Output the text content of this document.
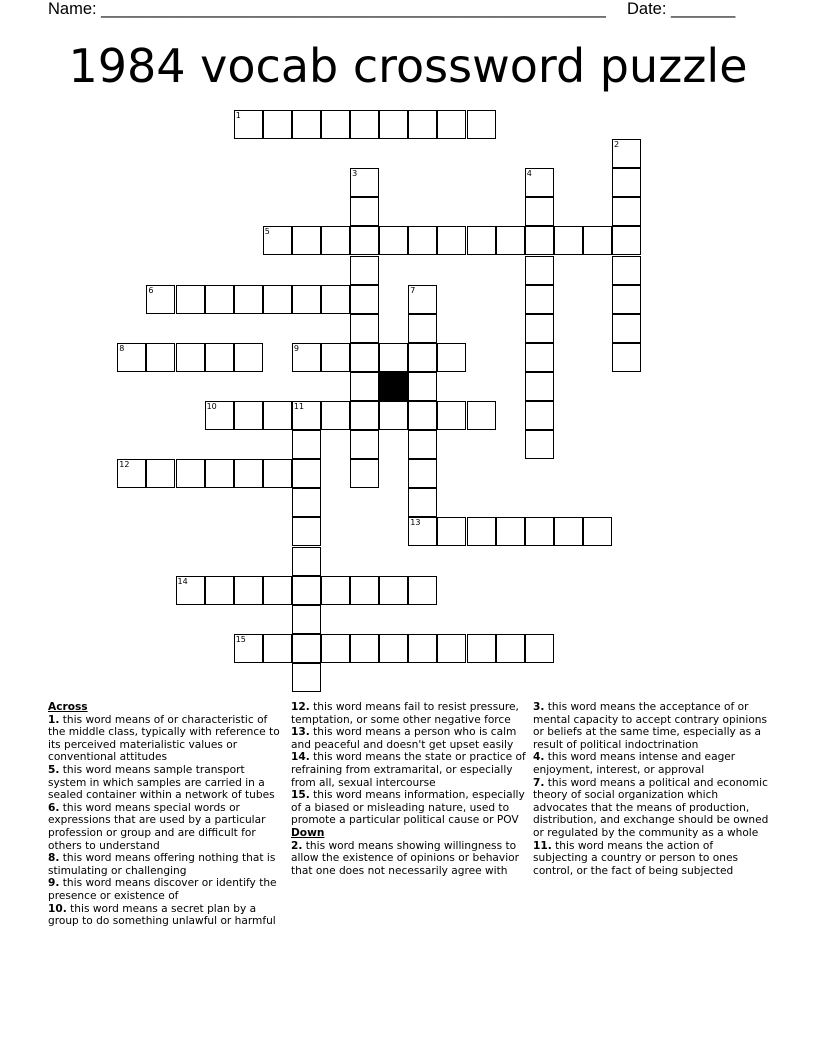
Name: _______________________________________________________ Date: _______
1984 vocab crossword puzzle
1
2
3	4
5
6	7
8	9
10	11
12
13
14
15
Across
1. this word means of or characteristic of the middle class, typically with reference to its perceived materialistic values or conventional attitudes
5. this word means sample transport system in which samples are carried in a sealed container within a network of tubes
6. this word means special words or expressions that are used by a particular profession or group and are difficult for others to understand
8. this word means offering nothing that is stimulating or challenging
9. this word means discover or identify the presence or existence of
10. this word means a secret plan by a group to do something unlawful or harmful
12. this word means fail to resist pressure, temptation, or some other negative force
13. this word means a person who is calm and peaceful and doesn't get upset easily
14. this word means the state or practice of refraining from extramarital, or especially from all, sexual intercourse
15. this word means information, especially of a biased or misleading nature, used to promote a particular political cause or POV
Down
2. this word means showing willingness to allow the existence of opinions or behavior that one does not necessarily agree with
3. this word means the acceptance of or mental capacity to accept contrary opinions or beliefs at the same time, especially as a result of political indoctrination
4. this word means intense and eager enjoyment, interest, or approval
7. this word means a political and economic theory of social organization which advocates that the means of production, distribution, and exchange should be owned or regulated by the community as a whole
11. this word means the action of subjecting a country or person to ones control, or the fact of being subjected
